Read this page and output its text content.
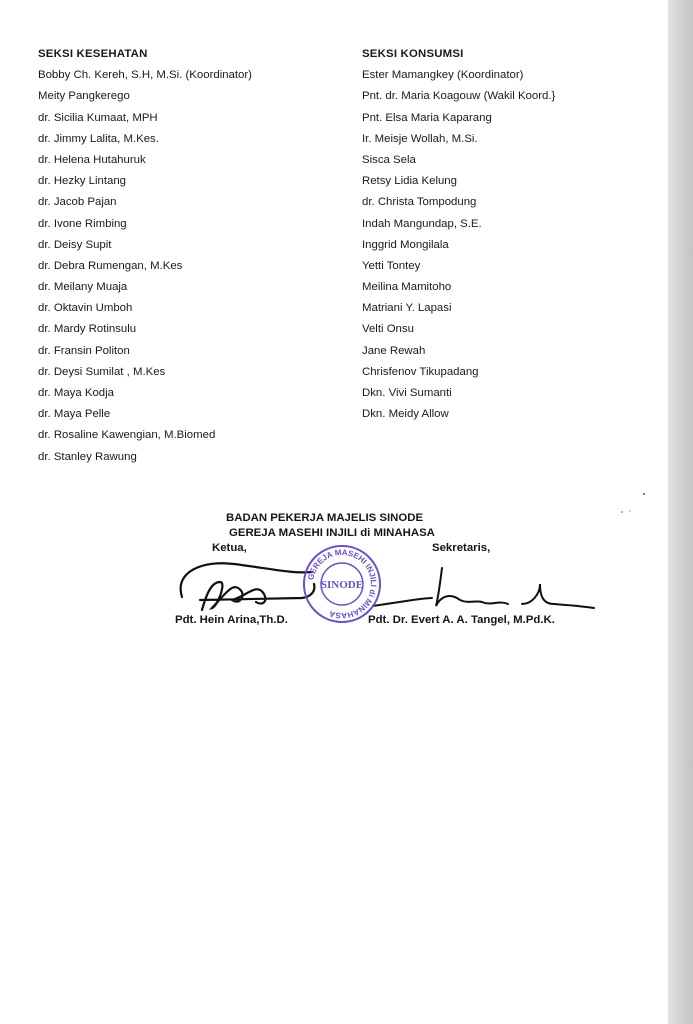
SEKSI KESEHATAN
Bobby Ch. Kereh, S.H, M.Si. (Koordinator)
Meity Pangkerego
dr. Sicilia Kumaat, MPH
dr. Jimmy Lalita, M.Kes.
dr. Helena Hutahuruk
dr. Hezky Lintang
dr. Jacob Pajan
dr. Ivone Rimbing
dr. Deisy Supit
dr. Debra Rumengan, M.Kes
dr. Meilany Muaja
dr. Oktavin Umboh
dr. Mardy Rotinsulu
dr. Fransin Politon
dr. Deysi Sumilat , M.Kes
dr. Maya Kodja
dr. Maya Pelle
dr. Rosaline Kawengian, M.Biomed
dr. Stanley Rawung
SEKSI KONSUMSI
Ester Mamangkey (Koordinator)
Pnt. dr. Maria Koagouw (Wakil Koord.}
Pnt. Elsa Maria Kaparang
Ir. Meisje Wollah, M.Si.
Sisca Sela
Retsy Lidia Kelung
dr. Christa Tompodung
Indah Mangundap, S.E.
Inggrid Mongilala
Yetti Tontey
Meilina Mamitoho
Matriani Y. Lapasi
Velti Onsu
Jane Rewah
Chrisfenov Tikupadang
Dkn. Vivi Sumanti
Dkn. Meidy Allow
BADAN PEKERJA MAJELIS SINODE
GEREJA MASEHI INJILI di MINAHASA
Ketua,	Sekretaris,
GEREJA MASEHI INJILI di MINAHASA
SINODE
Pdt. Hein Arina,Th.D.	Pdt. Dr. Evert A. A. Tangel, M.Pd.K.
